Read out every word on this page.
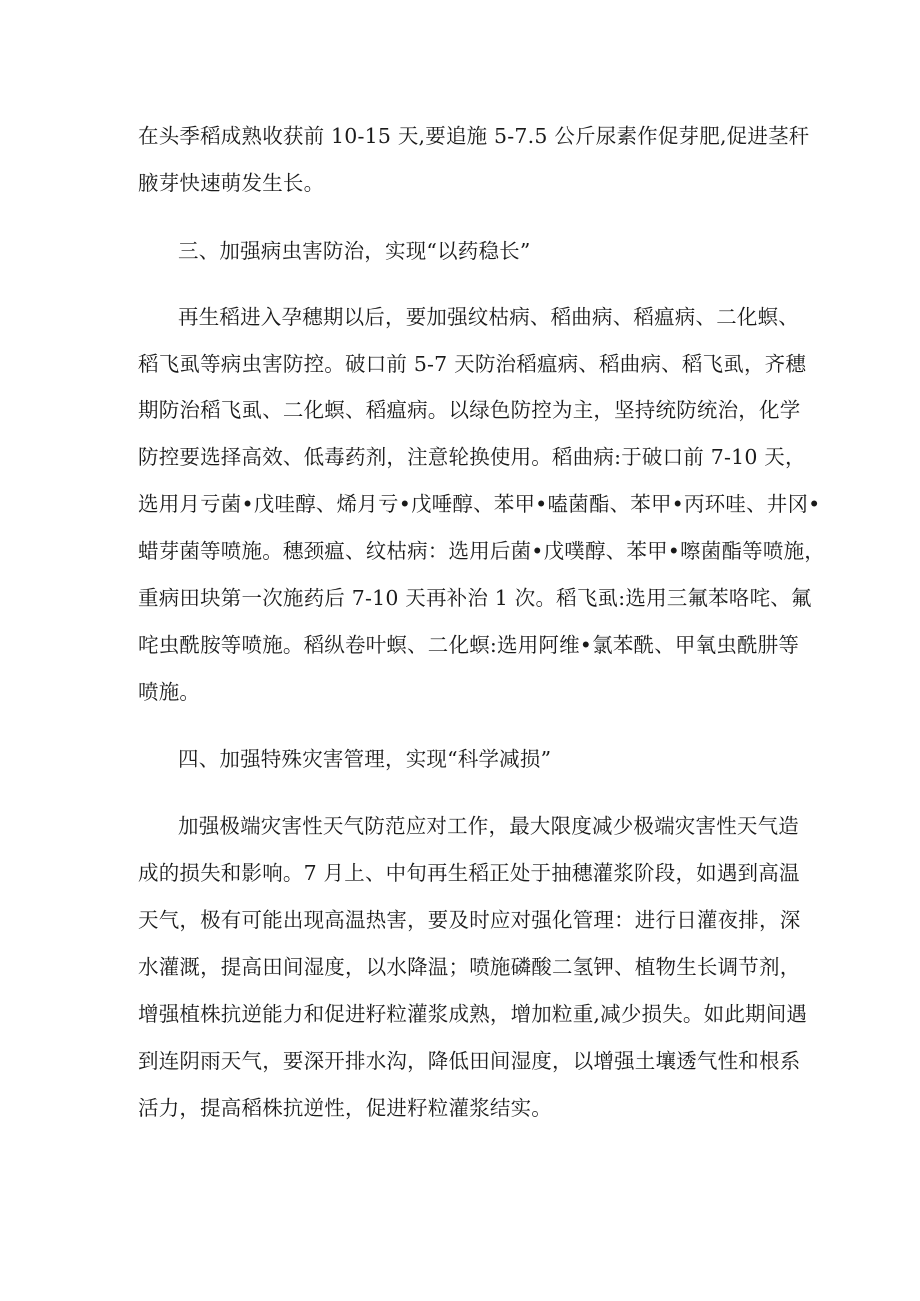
在头季稻成熟收获前 10-15 天,要追施 5-7.5 公斤尿素作促芽肥,促进茎秆
腋芽快速萌发生长。
三、加强病虫害防治，实现“以药稳长”
再生稻进入孕穗期以后，要加强纹枯病、稻曲病、稻瘟病、二化螟、
稻飞虱等病虫害防控。破口前 5-7 天防治稻瘟病、稻曲病、稻飞虱，齐穗
期防治稻飞虱、二化螟、稻瘟病。以绿色防控为主，坚持统防统治，化学
防控要选择高效、低毒药剂，注意轮换使用。稻曲病:于破口前 7-10 天，
选用月亏菌•戊哇醇、烯月亏•戊唾醇、苯甲•嗑菌酯、苯甲•丙环哇、井冈•
蜡芽菌等喷施。穗颈瘟、纹枯病：选用后菌•戊噗醇、苯甲•嚓菌酯等喷施，
重病田块第一次施药后 7-10 天再补治 1 次。稻飞虱:选用三氟苯咯咤、氟
咤虫酰胺等喷施。稻纵卷叶螟、二化螟:选用阿维•氯苯酰、甲氧虫酰肼等
喷施。
四、加强特殊灾害管理，实现“科学减损”
加强极端灾害性天气防范应对工作，最大限度减少极端灾害性天气造
成的损失和影响。7 月上、中旬再生稻正处于抽穗灌浆阶段，如遇到高温
天气，极有可能出现高温热害，要及时应对强化管理：进行日灌夜排，深
水灌溉，提高田间湿度，以水降温；喷施磷酸二氢钾、植物生长调节剂，
增强植株抗逆能力和促进籽粒灌浆成熟，增加粒重,减少损失。如此期间遇
到连阴雨天气，要深开排水沟，降低田间湿度，以增强土壤透气性和根系
活力，提高稻株抗逆性，促进籽粒灌浆结实。
